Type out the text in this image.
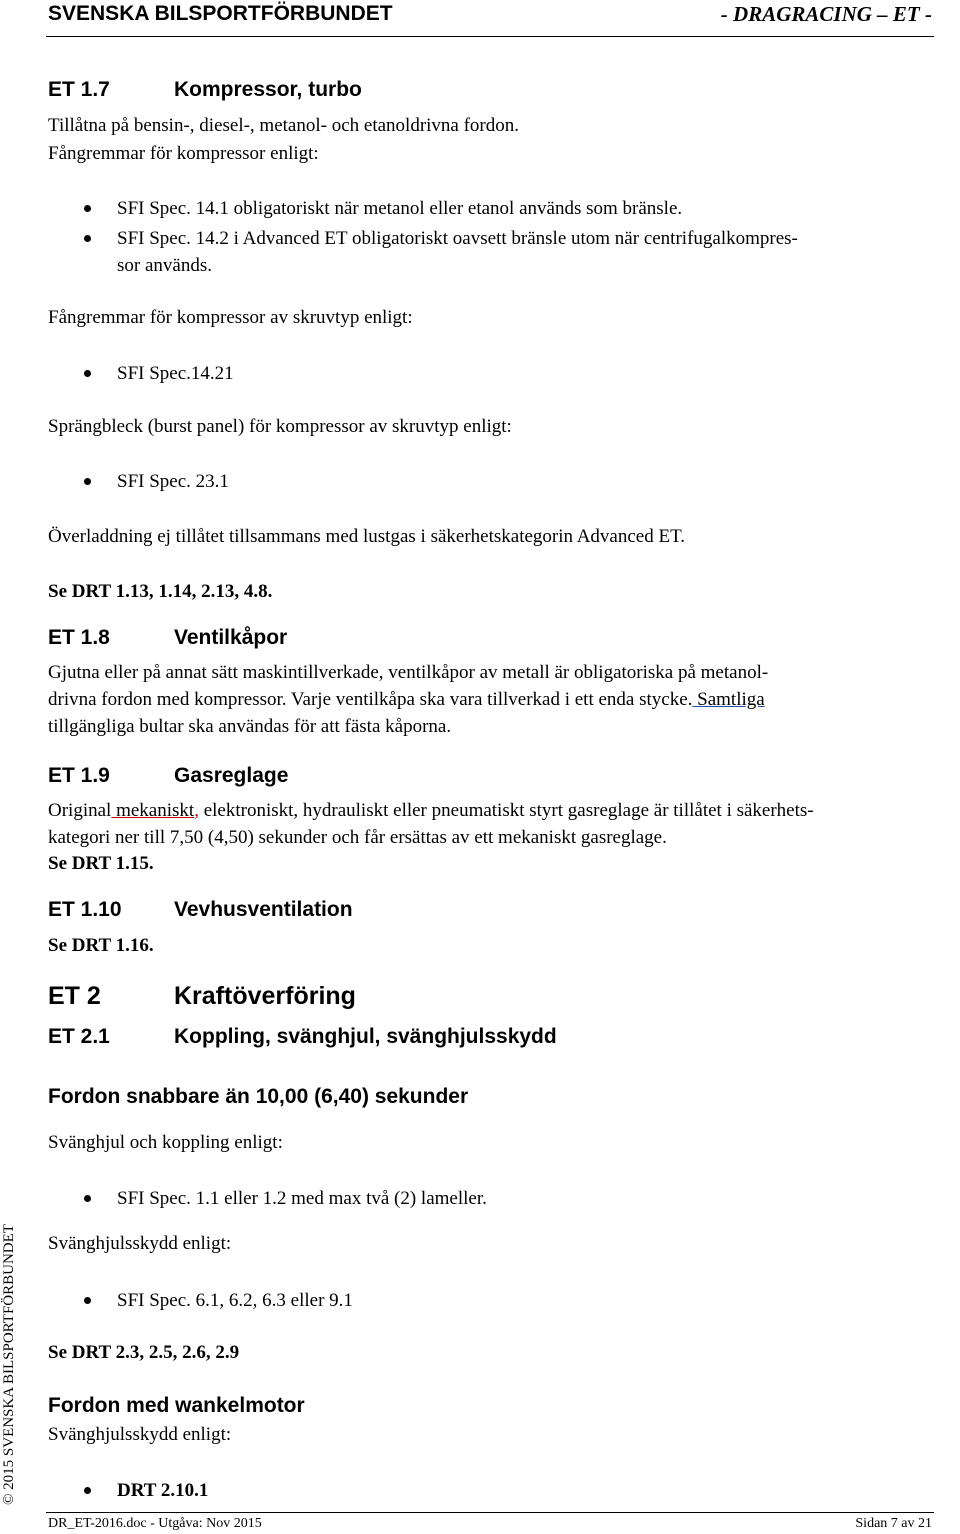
SVENSKA BILSPORTFÖRBUNDET	- DRAGRACING – ET -
ET 1.7	Kompressor, turbo
Tillåtna på bensin-, diesel-, metanol- och etanoldrivna fordon.
Fångremmar för kompressor enligt:
SFI Spec. 14.1 obligatoriskt när metanol eller etanol används som bränsle.
SFI Spec. 14.2 i Advanced ET obligatoriskt oavsett bränsle utom när centrifugalkompres-
sor används.
Fångremmar för kompressor av skruvtyp enligt:
SFI Spec.14.21
Sprängbleck (burst panel) för kompressor av skruvtyp enligt:
SFI Spec. 23.1
Överladdning ej tillåtet tillsammans med lustgas i säkerhetskategorin Advanced ET.
Se DRT 1.13, 1.14, 2.13, 4.8.
ET 1.8	Ventilkåpor
Gjutna eller på annat sätt maskintillverkade, ventilkåpor av metall är obligatoriska på metanol-
drivna fordon med kompressor. Varje ventilkåpa ska vara tillverkad i ett enda stycke. Samtliga
tillgängliga bultar ska användas för att fästa kåporna.
ET 1.9	Gasreglage
Original mekaniskt, elektroniskt, hydrauliskt eller pneumatiskt styrt gasreglage är tillåtet i säkerhets-
kategori ner till 7,50 (4,50) sekunder och får ersättas av ett mekaniskt gasreglage.
Se DRT 1.15.
ET 1.10 Vevhusventilation
Se DRT 1.16.
ET 2	Kraftöverföring
ET 2.1	Koppling, svänghjul, svänghjulsskydd
Fordon snabbare än 10,00 (6,40) sekunder
Svänghjul och koppling enligt:
SFI Spec. 1.1 eller 1.2 med max två (2) lameller.
Svänghjulsskydd enligt:
SFI Spec. 6.1, 6.2, 6.3 eller 9.1
Se DRT 2.3, 2.5, 2.6, 2.9
Fordon med wankelmotor
Svänghjulsskydd enligt:
DRT 2.10.1
© 2015 SVENSKA BILSPORTFÖRBUNDET
DR_ET-2016.doc - Utgåva: Nov 2015	Sidan 7 av 21
